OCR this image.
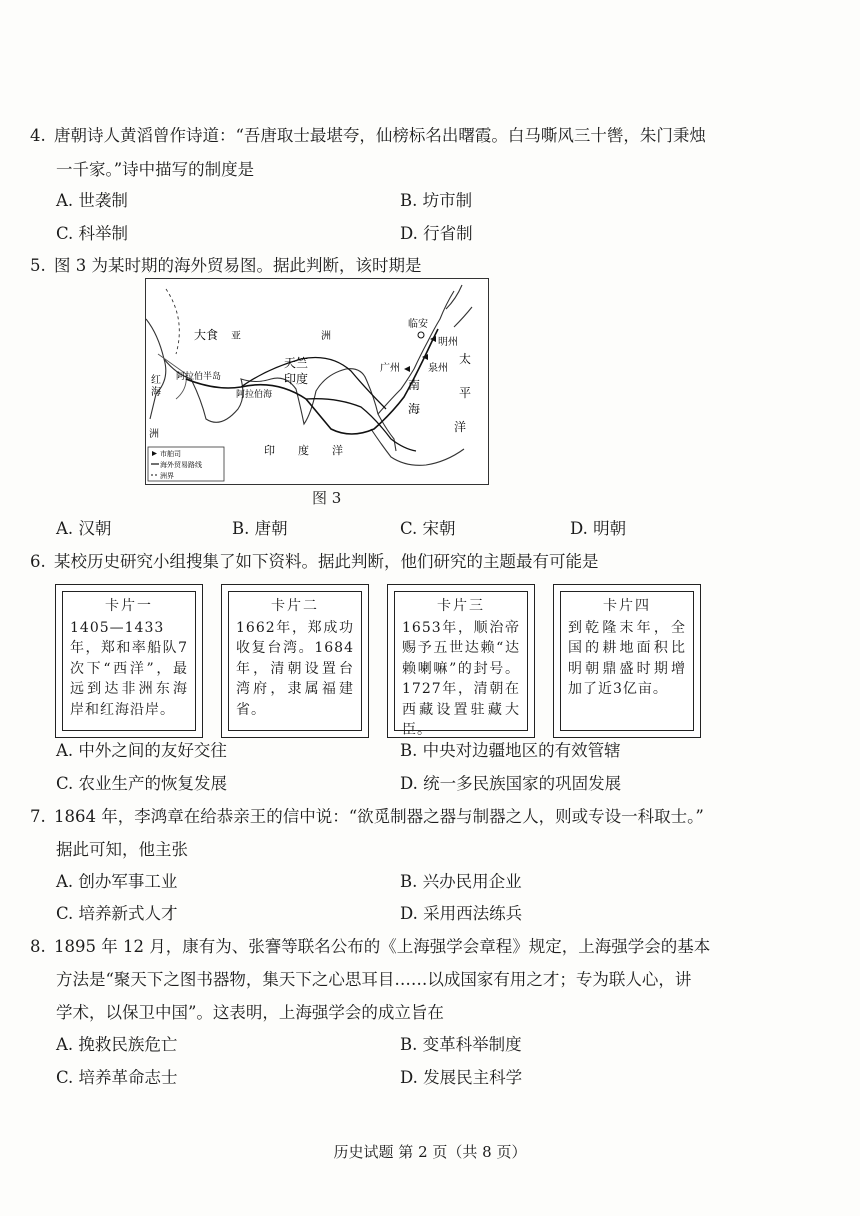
4. 唐朝诗人黄滔曾作诗道：“吾唐取士最堪夸，仙榜标名出曙霞。白马嘶风三十辔，朱门秉烛
一千家。”诗中描写的制度是
A. 世袭制	B. 坊市制
C. 科举制	D. 行省制
5. 图 3 为某时期的海外贸易图。据此判断，该时期是
大食 亚	洲
临安
明州
泉州
广州
太
平
洋
天竺
印度	南
海
红
海
阿拉伯半岛
阿拉伯海
洲
印 度 洋
市舶司
海外贸易路线
洲界
图 3
A. 汉朝	B. 唐朝	C. 宋朝	D. 明朝
6. 某校历史研究小组搜集了如下资料。据此判断，他们研究的主题最有可能是
卡片一
1405—1433年，郑和率船队7次下“西洋”，最远到达非洲东海岸和红海沿岸。
卡片二
1662年，郑成功收复台湾。1684年，清朝设置台湾府，隶属福建省。
卡片三
1653年，顺治帝赐予五世达赖“达赖喇嘛”的封号。1727年，清朝在西藏设置驻藏大臣。
卡片四
到乾隆末年，全国的耕地面积比明朝鼎盛时期增加了近3亿亩。
A. 中外之间的友好交往	B. 中央对边疆地区的有效管辖
C. 农业生产的恢复发展	D. 统一多民族国家的巩固发展
7. 1864 年，李鸿章在给恭亲王的信中说：“欲觅制器之器与制器之人，则或专设一科取士。”
据此可知，他主张
A. 创办军事工业	B. 兴办民用企业
C. 培养新式人才	D. 采用西法练兵
8. 1895 年 12 月，康有为、张謇等联名公布的《上海强学会章程》规定，上海强学会的基本
方法是“聚天下之图书器物，集天下之心思耳目……以成国家有用之才；专为联人心，讲
学术，以保卫中国”。这表明，上海强学会的成立旨在
A. 挽救民族危亡	B. 变革科举制度
C. 培养革命志士	D. 发展民主科学
历史试题 第 2 页（共 8 页）
